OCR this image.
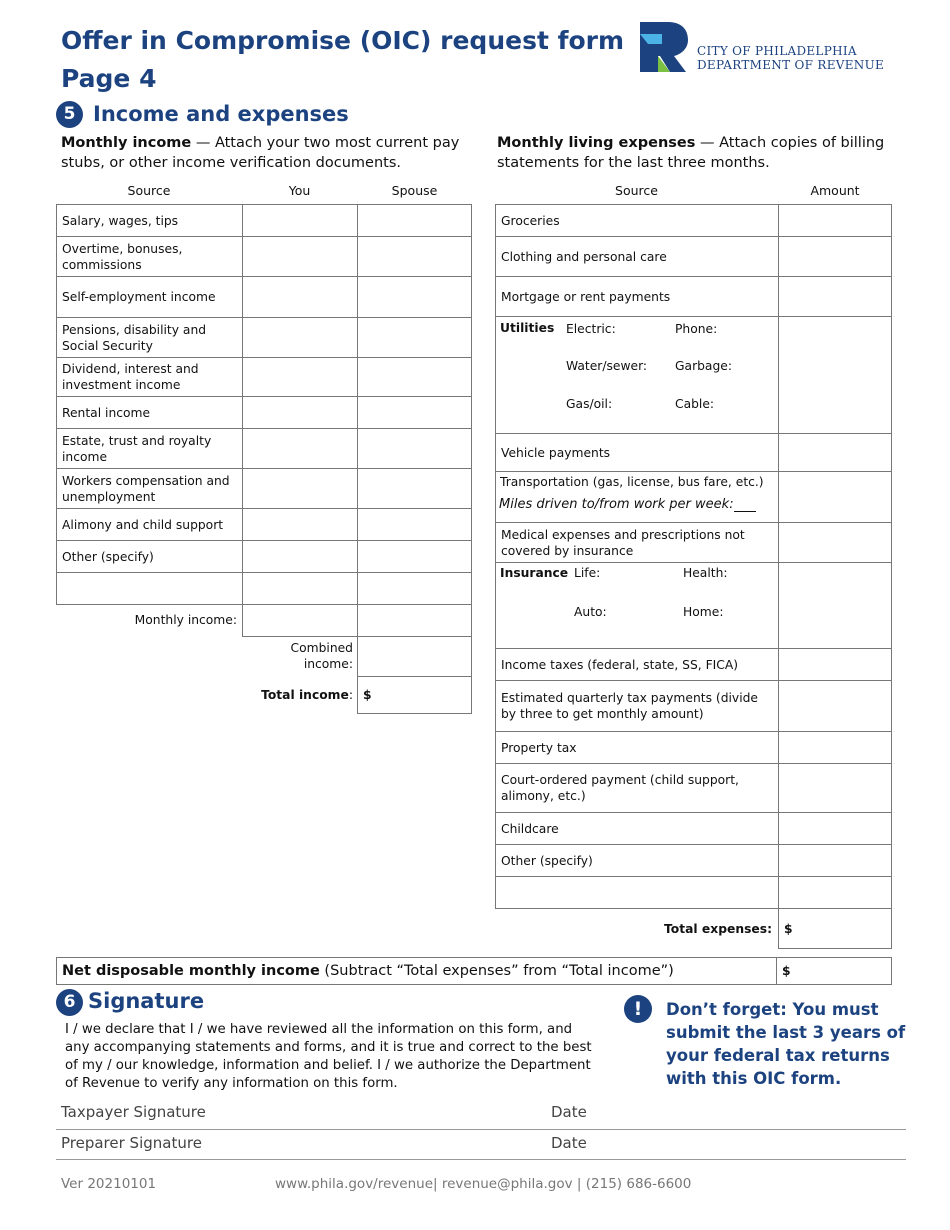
Offer in Compromise (OIC) request form
Page 4
CITY OF PHILADELPHIA
DEPARTMENT OF REVENUE
5 Income and expenses
Monthly income — Attach your two most current pay stubs, or other income verification documents.
Monthly living expenses — Attach copies of billing statements for the last three months.
Source	You	Spouse
Salary, wages, tips
Overtime, bonuses, commissions
Self-employment income
Pensions, disability and Social Security
Dividend, interest and investment income
Rental income
Estate, trust and royalty income
Workers compensation and unemployment
Alimony and child support
Other (specify)
Monthly income:
Combined income:
Total income: $
Source	Amount
Groceries
Clothing and personal care
Mortgage or rent payments
Utilities Electric:	Phone:
Water/sewer: Garbage:
Gas/oil:	Cable:
Vehicle payments
Transportation (gas, license, bus fare, etc.)
Miles driven to/from work per week:
Medical expenses and prescriptions not covered by insurance
Insurance Life:	Health:
Auto:	Home:
Income taxes (federal, state, SS, FICA)
Estimated quarterly tax payments (divide by three to get monthly amount)
Property tax
Court-ordered payment (child support, alimony, etc.)
Childcare
Other (specify)
Total expenses: $
Net disposable monthly income (Subtract “Total expenses” from “Total income”)	$
6 Signature
I / we declare that I / we have reviewed all the information on this form, and any accompanying statements and forms, and it is true and correct to the best of my / our knowledge, information and belief. I / we authorize the Department of Revenue to verify any information on this form.
!	Don’t forget: You must submit the last 3 years of your federal tax returns with this OIC form.
Taxpayer Signature	Date
Preparer Signature	Date
Ver 20210101	www.phila.gov/revenue| revenue@phila.gov | (215) 686-6600
